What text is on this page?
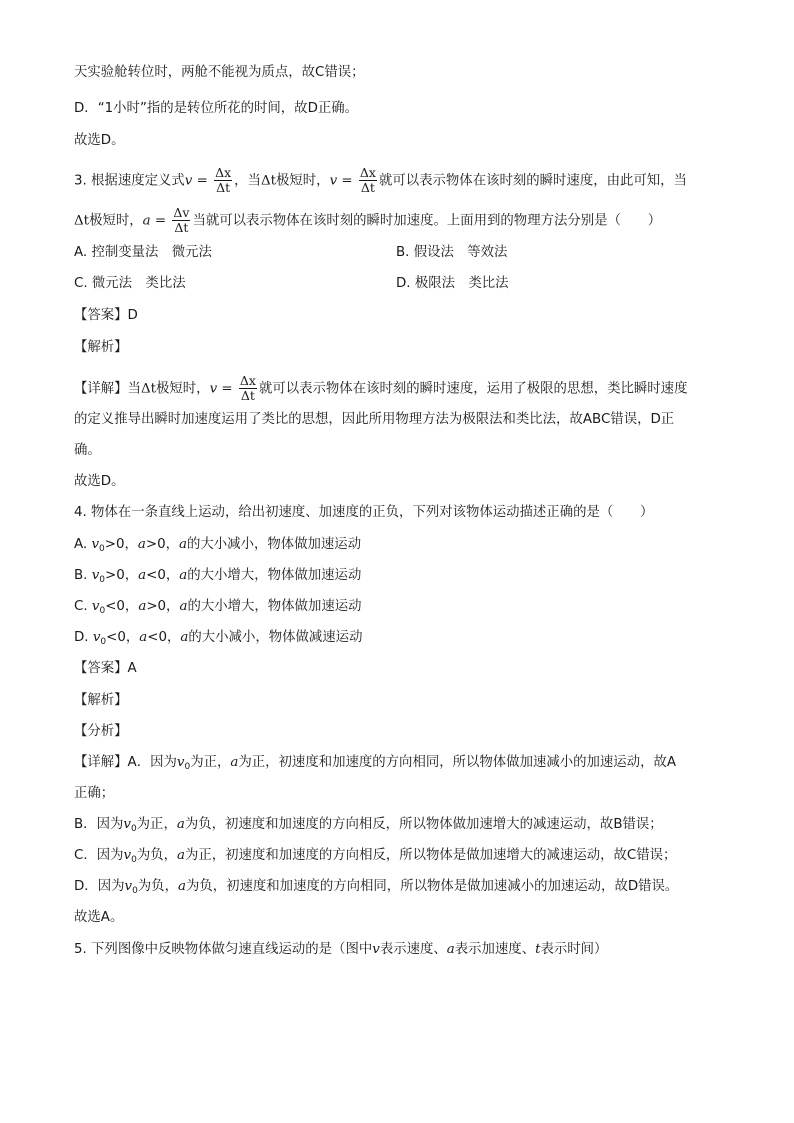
天实验舱转位时，两舱不能视为质点，故C错误；
D．“1小时”指的是转位所花的时间，故D正确。
故选D。
3. 根据速度定义式$v = \frac{\Delta x}{\Delta t}$ ，当Δt极短时，$v = \frac{\Delta x}{\Delta t}$ 就可以表示物体在该时刻的瞬时速度，由此可知，当
Δt极短时，$a = \frac{\Delta v}{\Delta t}$ 当就可以表示物体在该时刻的瞬时加速度。上面用到的物理方法分别是（　　）
A. 控制变量法　微元法	B. 假设法　等效法
C. 微元法　类比法	D. 极限法　类比法
【答案】D
【解析】
【详解】当Δt极短时，$v = \frac{\Delta x}{\Delta t}$ 就可以表示物体在该时刻的瞬时速度，运用了极限的思想，类比瞬时速度
的定义推导出瞬时加速度运用了类比的思想，因此所用物理方法为极限法和类比法，故ABC错误，D正
确。
故选D。
4. 物体在一条直线上运动，给出初速度、加速度的正负，下列对该物体运动描述正确的是（　　）
A. $v_0>0$，a>0，a的大小减小，物体做加速运动
B. $v_0>0$，a<0，a的大小增大，物体做加速运动
C. $v_0<0$，a>0，a的大小增大，物体做加速运动
D. $v_0<0$，a<0，a的大小减小，物体做减速运动
【答案】A
【解析】
【分析】
【详解】A．因为$v_0$为正，a为正，初速度和加速度的方向相同，所以物体做加速减小的加速运动，故A
正确；
B．因为$v_0$为正，a为负，初速度和加速度的方向相反，所以物体做加速增大的减速运动，故B错误；
C．因为$v_0$为负，a为正，初速度和加速度的方向相反，所以物体是做加速增大的减速运动，故C错误；
D．因为$v_0$为负，a为负，初速度和加速度的方向相同，所以物体是做加速减小的加速运动，故D错误。
故选A。
5. 下列图像中反映物体做匀速直线运动的是（图中v表示速度、a表示加速度、t表示时间）
